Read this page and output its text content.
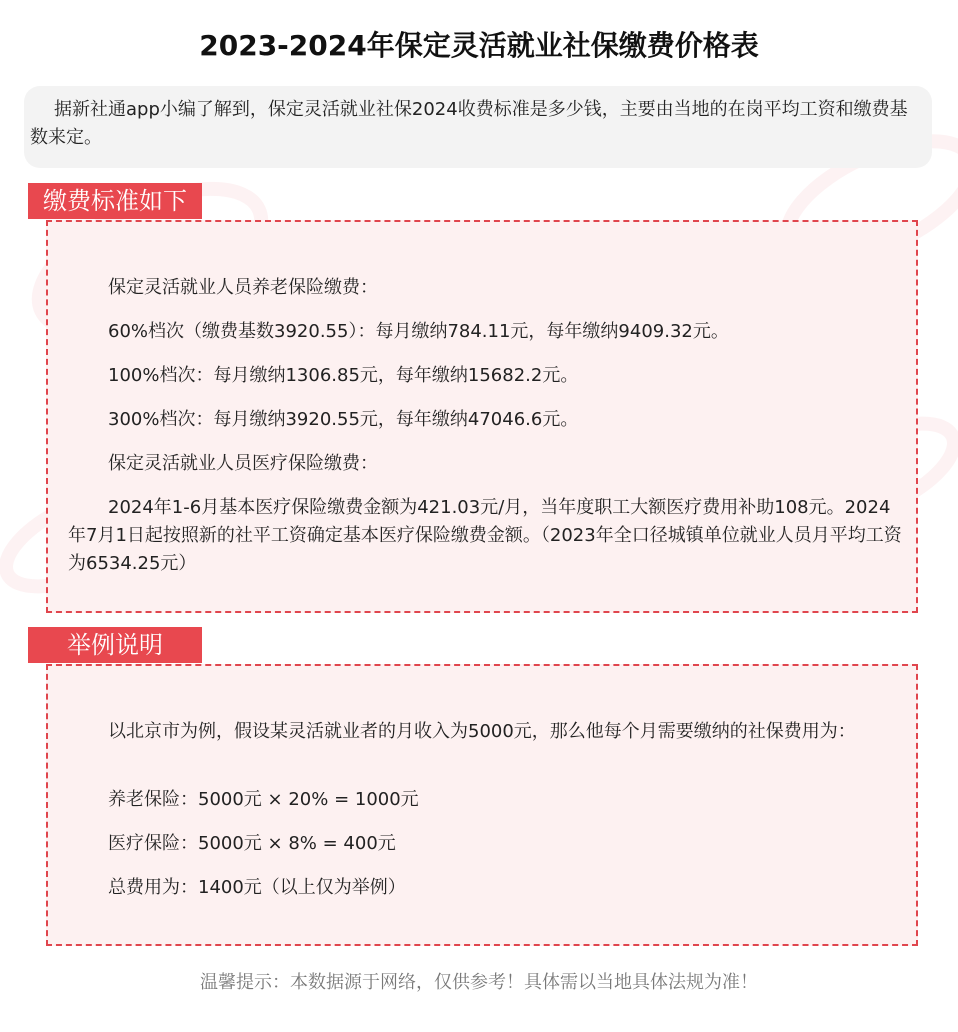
2023-2024年保定灵活就业社保缴费价格表
据新社通app小编了解到，保定灵活就业社保2024收费标准是多少钱，主要由当地的在岗平均工资和缴费基数来定。
缴费标准如下
保定灵活就业人员养老保险缴费：
60%档次（缴费基数3920.55）：每月缴纳784.11元，每年缴纳9409.32元。
100%档次：每月缴纳1306.85元，每年缴纳15682.2元。
300%档次：每月缴纳3920.55元，每年缴纳47046.6元。
保定灵活就业人员医疗保险缴费：
2024年1-6月基本医疗保险缴费金额为421.03元/月，当年度职工大额医疗费用补助108元。2024年7月1日起按照新的社平工资确定基本医疗保险缴费金额。（2023年全口径城镇单位就业人员月平均工资为6534.25元）
举例说明
以北京市为例，假设某灵活就业者的月收入为5000元，那么他每个月需要缴纳的社保费用为：
养老保险：5000元 × 20% = 1000元
医疗保险：5000元 × 8% = 400元
总费用为：1400元（以上仅为举例）
温馨提示：本数据源于网络，仅供参考！具体需以当地具体法规为准！
